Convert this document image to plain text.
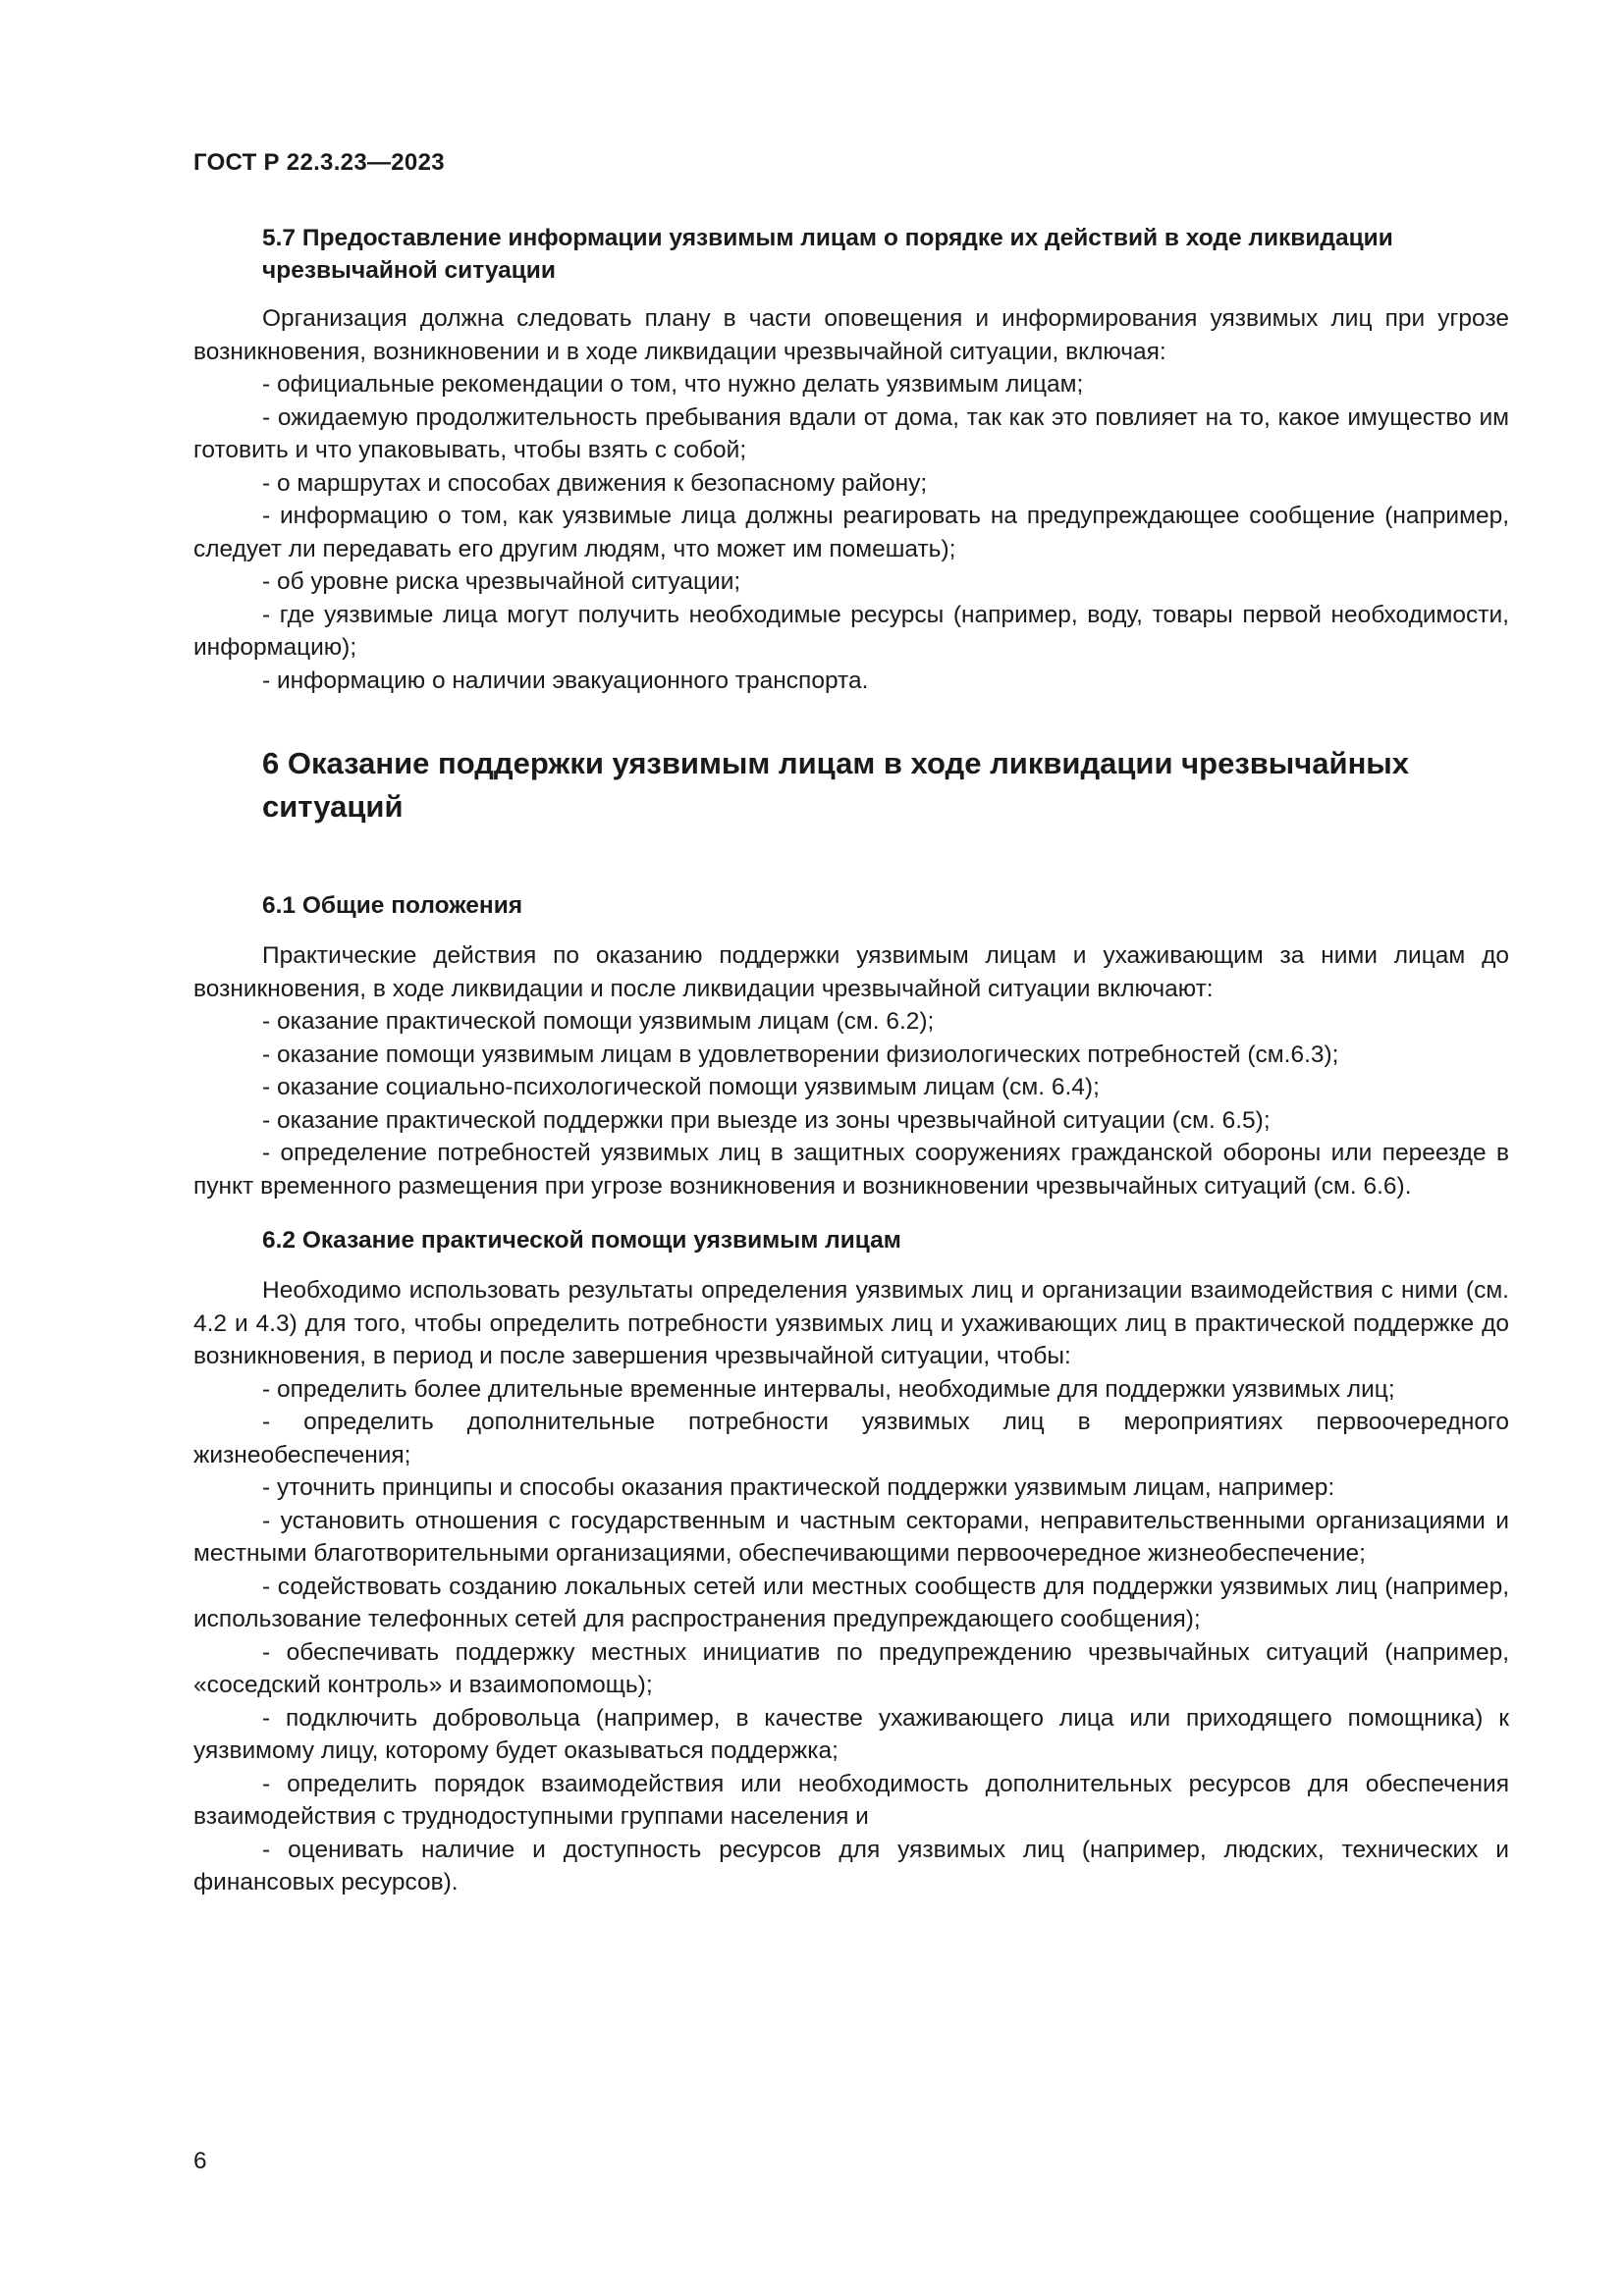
ГОСТ Р 22.3.23—2023
5.7 Предоставление информации уязвимым лицам о порядке их действий в ходе ликвидации чрезвычайной ситуации

Организация должна следовать плану в части оповещения и информирования уязвимых лиц при угрозе возникновения, возникновении и в ходе ликвидации чрезвычайной ситуации, включая:

- официальные рекомендации о том, что нужно делать уязвимым лицам;

- ожидаемую продолжительность пребывания вдали от дома, так как это повлияет на то, какое имущество им готовить и что упаковывать, чтобы взять с собой;

- о маршрутах и способах движения к безопасному району;

- информацию о том, как уязвимые лица должны реагировать на предупреждающее сообщение (например, следует ли передавать его другим людям, что может им помешать);

- об уровне риска чрезвычайной ситуации;

- где уязвимые лица могут получить необходимые ресурсы (например, воду, товары первой необходимости, информацию);

- информацию о наличии эвакуационного транспорта.

6 Оказание поддержки уязвимым лицам в ходе ликвидации чрезвычайных ситуаций
6.1 Общие положения

Практические действия по оказанию поддержки уязвимым лицам и ухаживающим за ними лицам до возникновения, в ходе ликвидации и после ликвидации чрезвычайной ситуации включают:

- оказание практической помощи уязвимым лицам (см. 6.2);

- оказание помощи уязвимым лицам в удовлетворении физиологических потребностей (см.6.3);

- оказание социально-психологической помощи уязвимым лицам (см. 6.4);

- оказание практической поддержки при выезде из зоны чрезвычайной ситуации (см. 6.5);

- определение потребностей уязвимых лиц в защитных сооружениях гражданской обороны или переезде в пункт временного размещения при угрозе возникновения и возникновении чрезвычайных ситуаций (см. 6.6).

6.2 Оказание практической помощи уязвимым лицам

Необходимо использовать результаты определения уязвимых лиц и организации взаимодействия с ними (см. 4.2 и 4.3) для того, чтобы определить потребности уязвимых лиц и ухаживающих лиц в практической поддержке до возникновения, в период и после завершения чрезвычайной ситуации, чтобы:

- определить более длительные временные интервалы, необходимые для поддержки уязвимых лиц;

- определить дополнительные потребности уязвимых лиц в мероприятиях первоочередного жизнеобеспечения;

- уточнить принципы и способы оказания практической поддержки уязвимым лицам, например:

- установить отношения с государственным и частным секторами, неправительственными организациями и местными благотворительными организациями, обеспечивающими первоочередное жизнеобеспечение;

- содействовать созданию локальных сетей или местных сообществ для поддержки уязвимых лиц (например, использование телефонных сетей для распространения предупреждающего сообщения);

- обеспечивать поддержку местных инициатив по предупреждению чрезвычайных ситуаций (например, «соседский контроль» и взаимопомощь);

- подключить добровольца (например, в качестве ухаживающего лица или приходящего помощника) к уязвимому лицу, которому будет оказываться поддержка;

- определить порядок взаимодействия или необходимость дополнительных ресурсов для обеспечения взаимодействия с труднодоступными группами населения и

- оценивать наличие и доступность ресурсов для уязвимых лиц (например, людских, технических и финансовых ресурсов).

6
